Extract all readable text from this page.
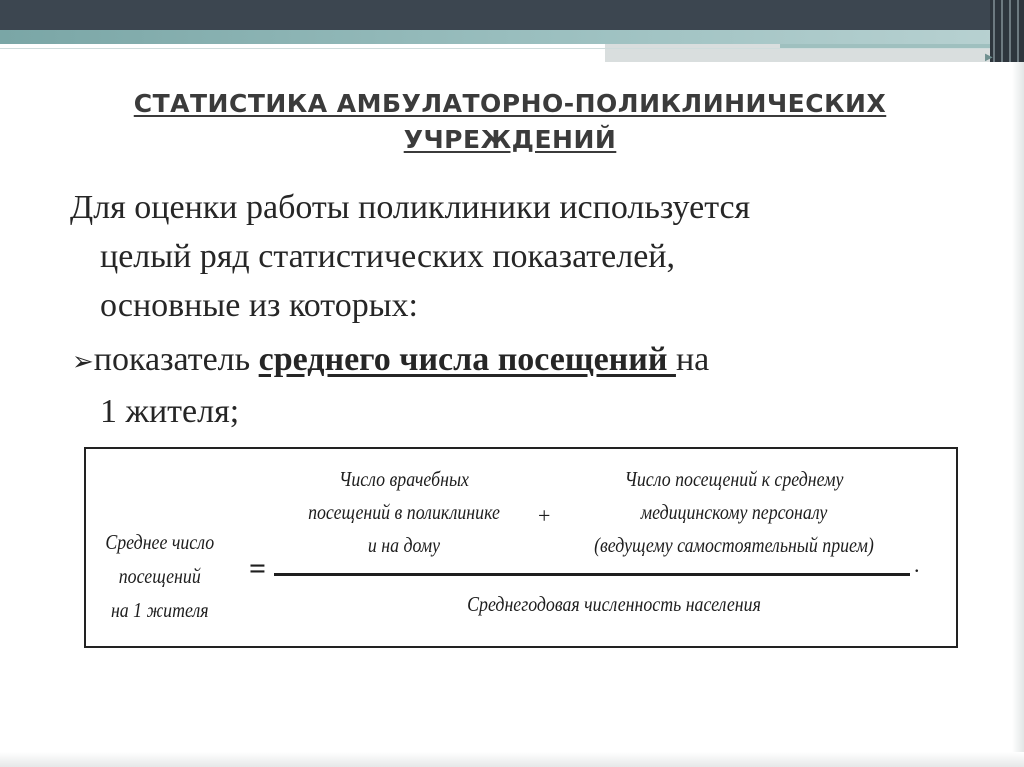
▶
СТАТИСТИКА АМБУЛАТОРНО-ПОЛИКЛИНИЧЕСКИХ
УЧРЕЖДЕНИЙ
Для оценки работы поликлиники используется
целый ряд статистических показателей,
основные из которых:
➢показатель среднего числа посещений на
1 жителя;
Среднее число
посещений
на 1 жителя
=
Число врачебных
посещений в поликлинике
и на дому
+
Число посещений к среднему
медицинскому персоналу
(ведущему самостоятельный прием)
.
Среднегодовая численность населения
